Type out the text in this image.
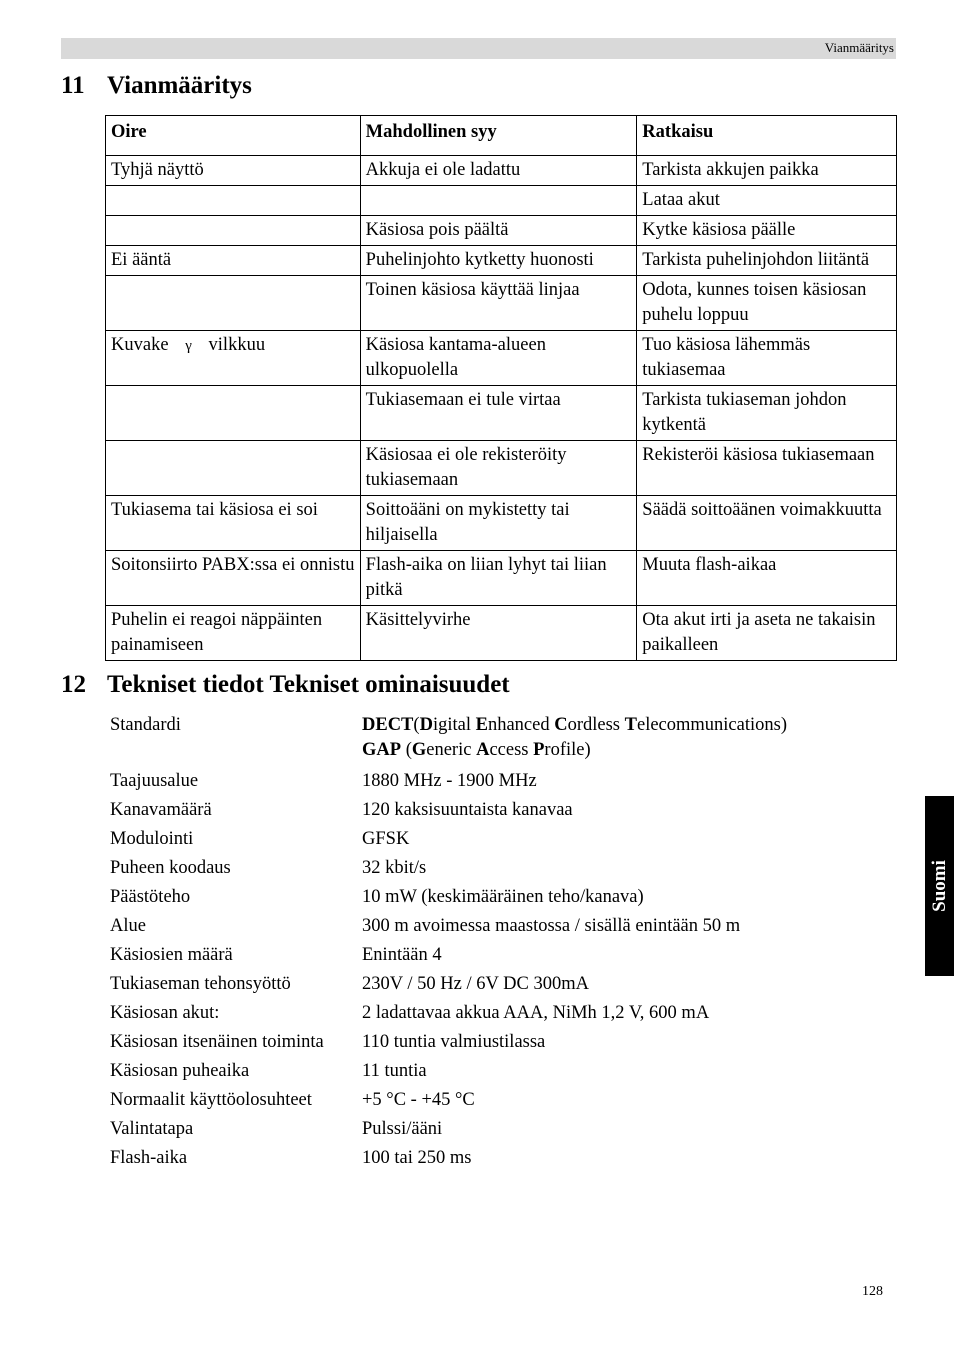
Vianmääritys
11 Vianmääritys
Oire	Mahdollinen syy	Ratkaisu
Tyhjä näyttö	Akkuja ei ole ladattu	Tarkista akkujen paikka
		Lataa akut
	Käsiosa pois päältä	Kytke käsiosa päälle
Ei ääntä	Puhelinjohto kytketty huonosti	Tarkista puhelinjohdon liitäntä
	Toinen käsiosa käyttää linjaa	Odota, kunnes toisen käsiosan puhelu loppuu
Kuvake γ vilkkuu	Käsiosa kantama-alueen ulkopuolella	Tuo käsiosa lähemmäs tukiasemaa
	Tukiasemaan ei tule virtaa	Tarkista tukiaseman johdon kytkentä
	Käsiosaa ei ole rekisteröity tukiasemaan	Rekisteröi käsiosa tukiasemaan
Tukiasema tai käsiosa ei soi	Soittoääni on mykistetty tai hiljaisella	Säädä soittoäänen voimakkuutta
Soitonsiirto PABX:ssa ei onnistu	Flash-aika on liian lyhyt tai liian pitkä	Muuta flash-aikaa
Puhelin ei reagoi näppäinten painamiseen	Käsittelyvirhe	Ota akut irti ja aseta ne takaisin paikalleen
12 Tekniset tiedot Tekniset ominaisuudet
Standardi	DECT(Digital Enhanced Cordless Telecommunications)
GAP (Generic Access Profile)
Taajuusalue	1880 MHz - 1900 MHz
Kanavamäärä	120 kaksisuuntaista kanavaa
Modulointi	GFSK
Puheen koodaus	32 kbit/s
Päästöteho	10 mW (keskimääräinen teho/kanava)
Alue	300 m avoimessa maastossa / sisällä enintään 50 m
Käsiosien määrä	Enintään 4
Tukiaseman tehonsyöttö	230V / 50 Hz / 6V DC 300mA
Käsiosan akut:	2 ladattavaa akkua AAA, NiMh 1,2 V, 600 mA
Käsiosan itsenäinen toiminta	110 tuntia valmiustilassa
Käsiosan puheaika	11 tuntia
Normaalit käyttöolosuhteet	+5 °C - +45 °C
Valintatapa	Pulssi/ääni
Flash-aika	100 tai 250 ms
Suomi
128
